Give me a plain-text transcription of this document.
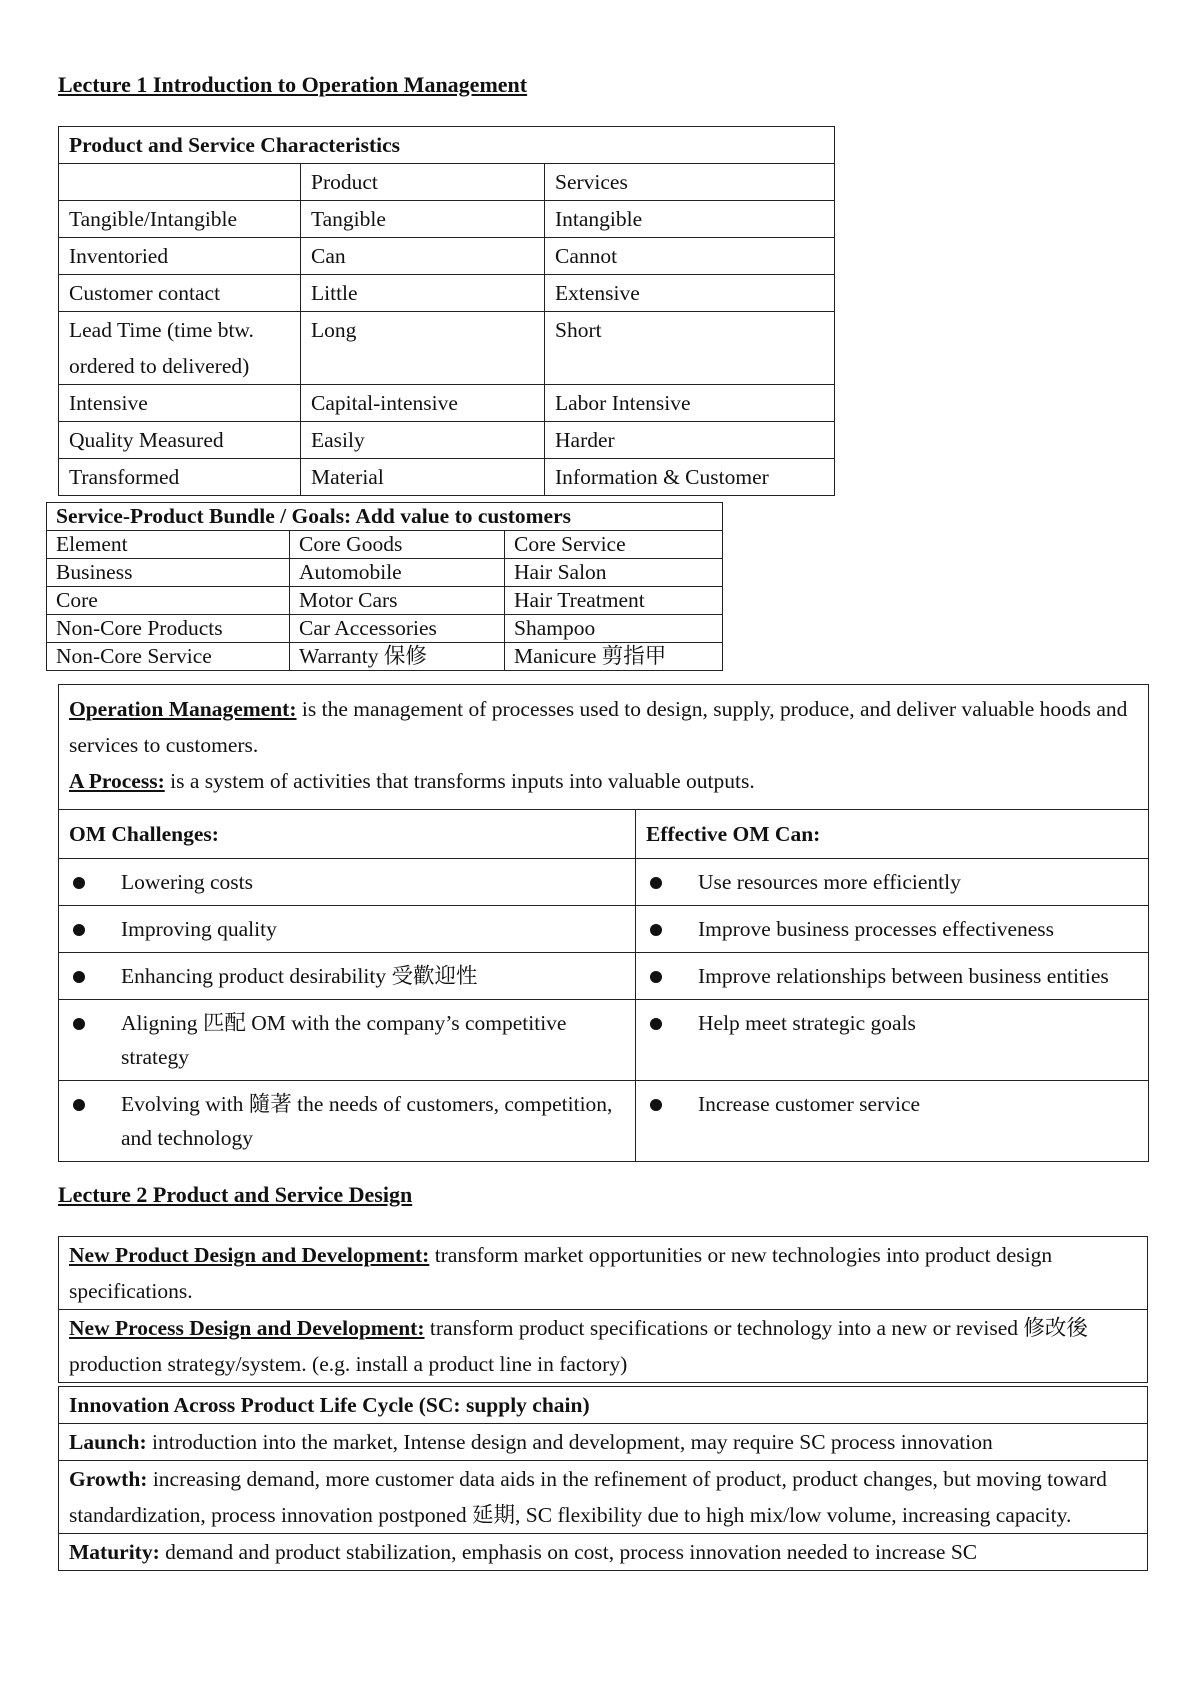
Lecture 1 Introduction to Operation Management
Product and Service Characteristics		
	Product	Services
Tangible/Intangible	Tangible	Intangible
Inventoried	Can	Cannot
Customer contact	Little	Extensive
Lead Time (time btw. ordered to delivered)	Long	Short
Intensive	Capital-intensive	Labor Intensive
Quality Measured	Easily	Harder
Transformed	Material	Information & Customer
Service-Product Bundle / Goals: Add value to customers		
Element	Core Goods	Core Service
Business	Automobile	Hair Salon
Core	Motor Cars	Hair Treatment
Non-Core Products	Car Accessories	Shampoo
Non-Core Service	Warranty 保修	Manicure 剪指甲
Operation Management: is the management of processes used to design, supply, produce, and deliver valuable hoods and services to customers.
A Process: is a system of activities that transforms inputs into valuable outputs.	

OM Challenges:	Effective OM Can:

Lowering costs	Use resources more efficiently

Improving quality	Improve business processes effectiveness

Enhancing product desirability 受歡迎性	Improve relationships between business entities

Aligning 匹配 OM with the company’s competitive strategy	Help meet strategic goals

Evolving with 隨著 the needs of customers, competition, and technology	Increase customer service
Lecture 2 Product and Service Design
New Product Design and Development: transform market opportunities or new technologies into product design specifications.
New Process Design and Development: transform product specifications or technology into a new or revised 修改後 production strategy/system. (e.g. install a product line in factory)
Innovation Across Product Life Cycle (SC: supply chain)
Launch: introduction into the market, Intense design and development, may require SC process innovation
Growth: increasing demand, more customer data aids in the refinement of product, product changes, but moving toward standardization, process innovation postponed 延期, SC flexibility due to high mix/low volume, increasing capacity.
Maturity: demand and product stabilization, emphasis on cost, process innovation needed to increase SC
